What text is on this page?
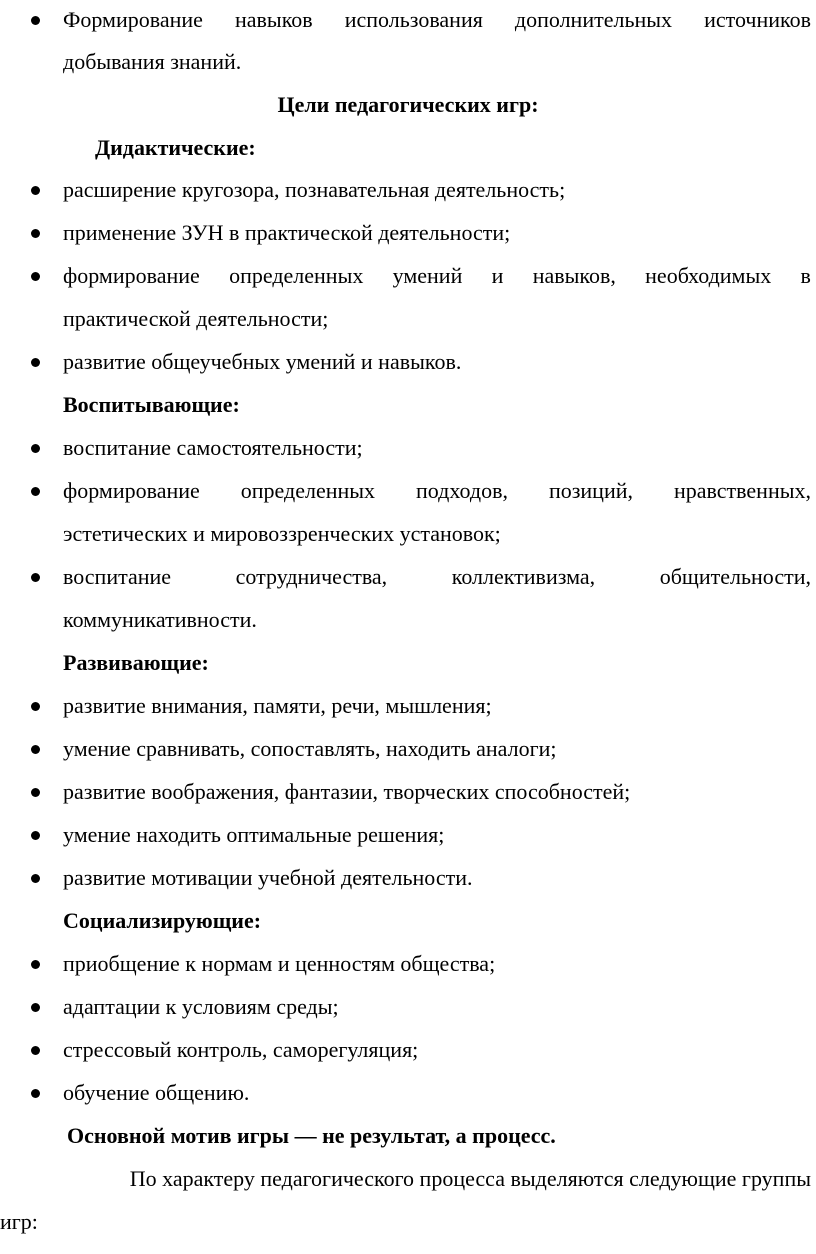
Формирование навыков использования дополнительных источников
добывания знаний.
Цели педагогических игр:
Дидактические:
расширение кругозора, познавательная деятельность;
применение ЗУН в практической деятельности;
формирование определенных умений и навыков, необходимых в
практической деятельности;
развитие общеучебных умений и навыков.
Воспитывающие:
воспитание самостоятельности;
формирование определенных подходов, позиций, нравственных,
эстетических и мировоззренческих установок;
воспитание	сотрудничества,	коллективизма,	общительности,
коммуникативности.
Развивающие:
развитие внимания, памяти, речи, мышления;
умение сравнивать, сопоставлять, находить аналоги;
развитие воображения, фантазии, творческих способностей;
умение находить оптимальные решения;
развитие мотивации учебной деятельности.
Социализирующие:
приобщение к нормам и ценностям общества;
адаптации к условиям среды;
стрессовый контроль, саморегуляция;
обучение общению.
Основной мотив игры — не результат, а процесс.
По характеру педагогического процесса выделяются следующие группы
игр:
